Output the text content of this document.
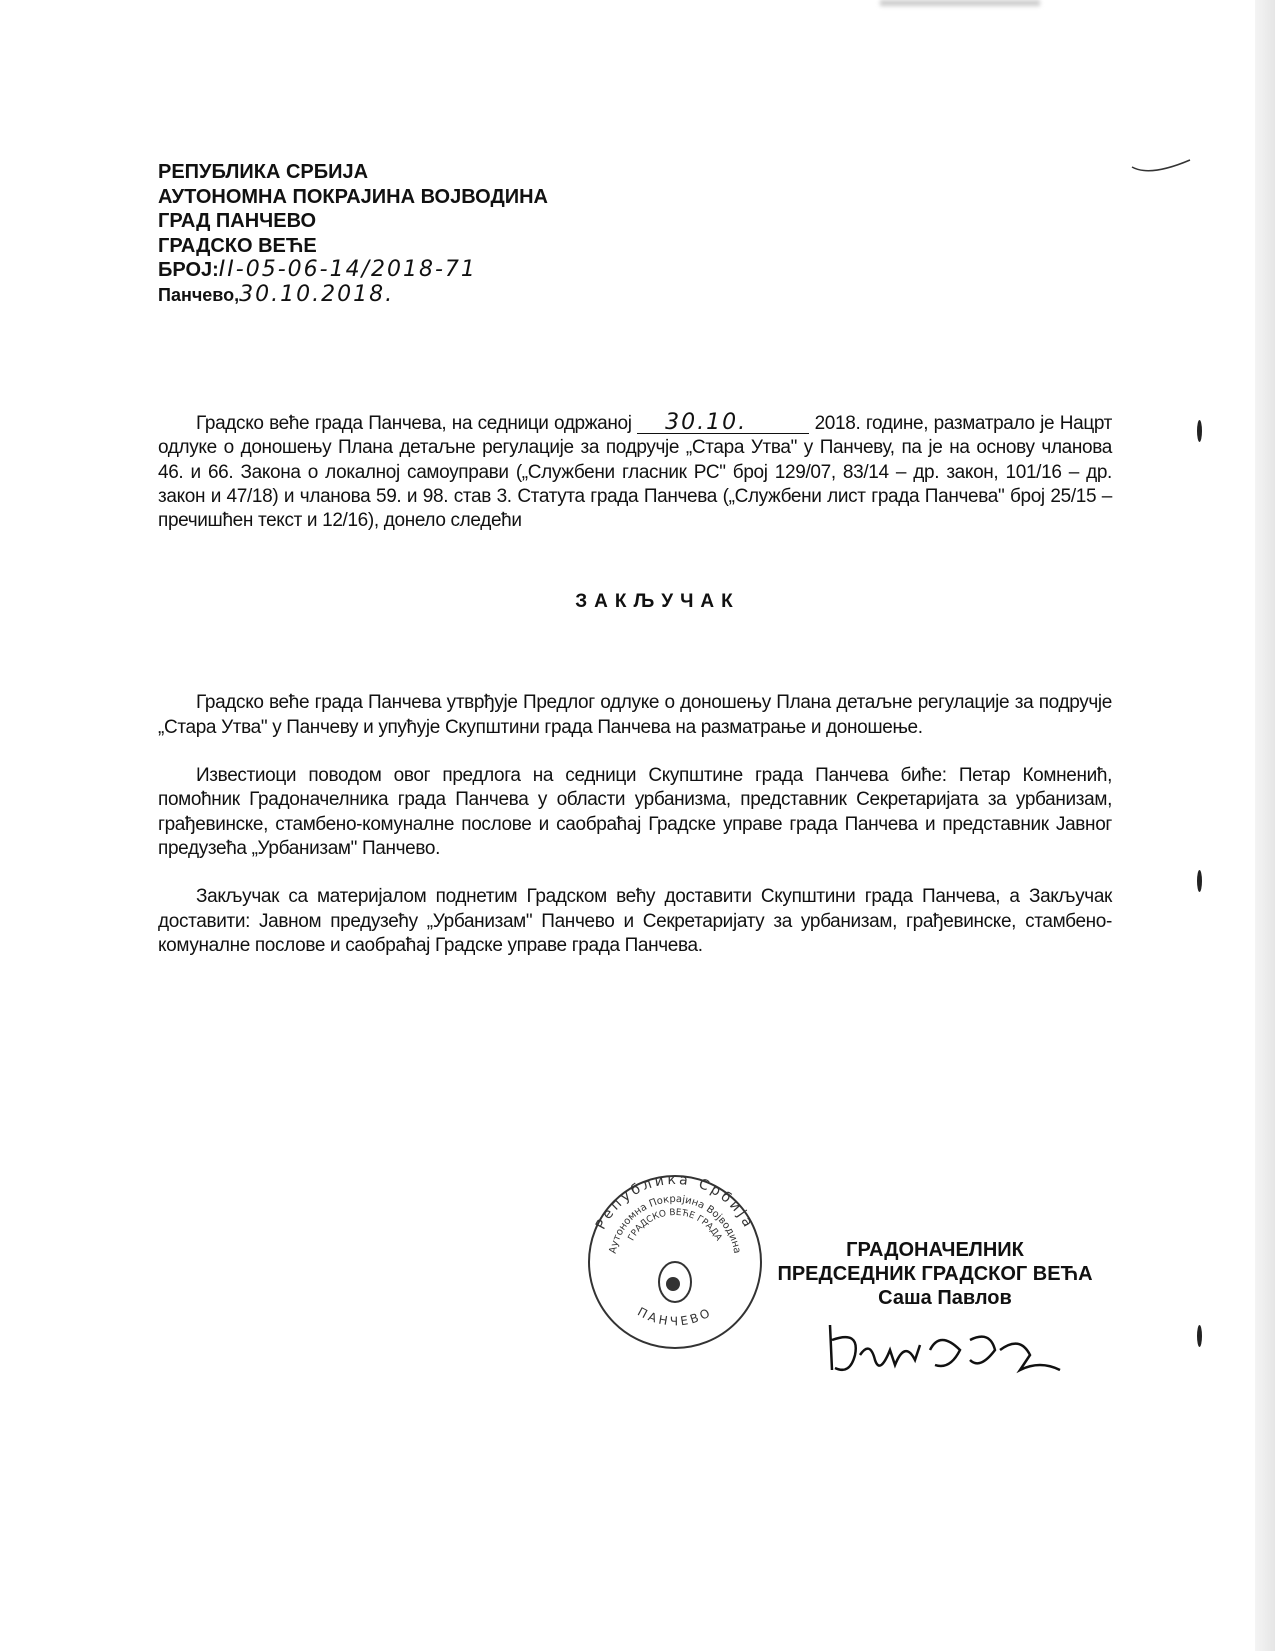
РЕПУБЛИКА СРБИЈА
АУТОНОМНА ПОКРАЈИНА ВОЈВОДИНА
ГРАД ПАНЧЕВО
ГРАДСКО ВЕЋЕ
БРОЈ:II-05-06-14/2018-71
Панчево,30.10.2018.

Градско веће града Панчева, на седници одржаној 30.10.	2018. године, разматрало је Нацрт одлуке о доношењу Плана детаљне регулације за подручје „Стара Утва" у Панчеву, па је на основу чланова 46. и 66. Закона о локалној самоуправи („Службени гласник РС" број 129/07, 83/14 – др. закон, 101/16 – др. закон и 47/18) и чланова 59. и 98. став 3. Статута града Панчева („Службени лист града Панчева" број 25/15 – пречишћен текст и 12/16), донело следећи

ЗАКЉУЧАК

Градско веће града Панчева утврђује Предлог одлуке о доношењу Плана детаљне регулације за подручје „Стара Утва" у Панчеву и упућује Скупштини града Панчева на разматрање и доношење.

Известиоци поводом овог предлога на седници Скупштине града Панчева биће: Петар Комненић, помоћник Градоначелника града Панчева у области урбанизма, представник Секретаријата за урбанизам, грађевинске, стамбено-комуналне послове и саобраћај Градске управе града Панчева и представник Јавног предузећа „Урбанизам" Панчево.

Закључак са материјалом поднетим Градском већу доставити Скупштини града Панчева, а Закључак доставити: Јавном предузећу „Урбанизам" Панчево и Секретаријату за урбанизам, грађевинске, стамбено-комуналне послове и саобраћај Градске управе града Панчева.

Република Србија
Аутономна Покрајина Војводина
ГРАДСКО ВЕЋЕ ГРАДА
ПАНЧЕВО
ГРАДОНАЧЕЛНИК
ПРЕДСЕДНИК ГРАДСКОГ ВЕЋА
Саша Павлов
